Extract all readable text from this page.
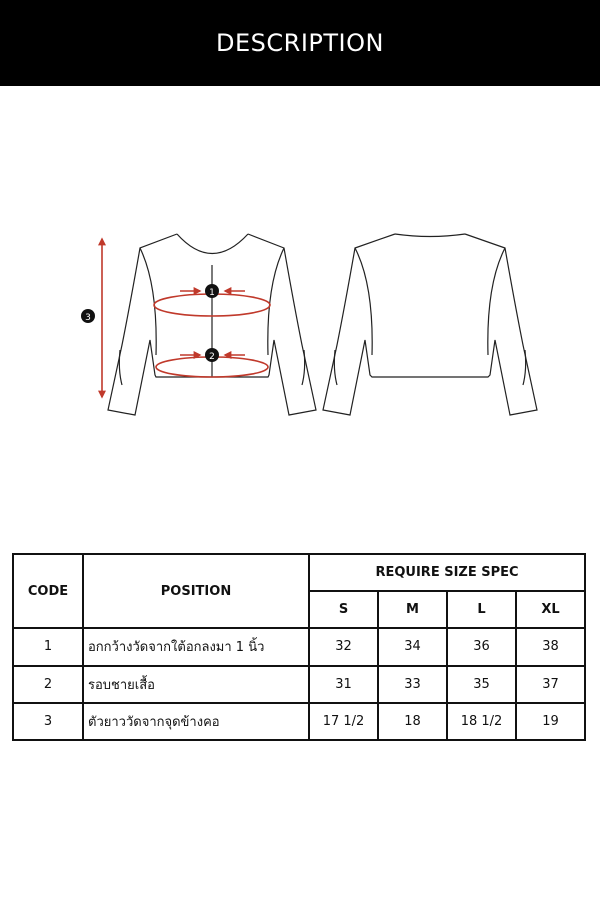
DESCRIPTION
1
2
3
CODE	POSITION	REQUIRE SIZE SPEC			
		S	M	L	XL
1	อกกว้างวัดจากใต้อกลงมา 1 นิ้ว	32	34	36	38
2	รอบชายเสื้อ	31	33	35	37
3	ตัวยาววัดจากจุดข้างคอ	17 1/2	18	18 1/2	19
